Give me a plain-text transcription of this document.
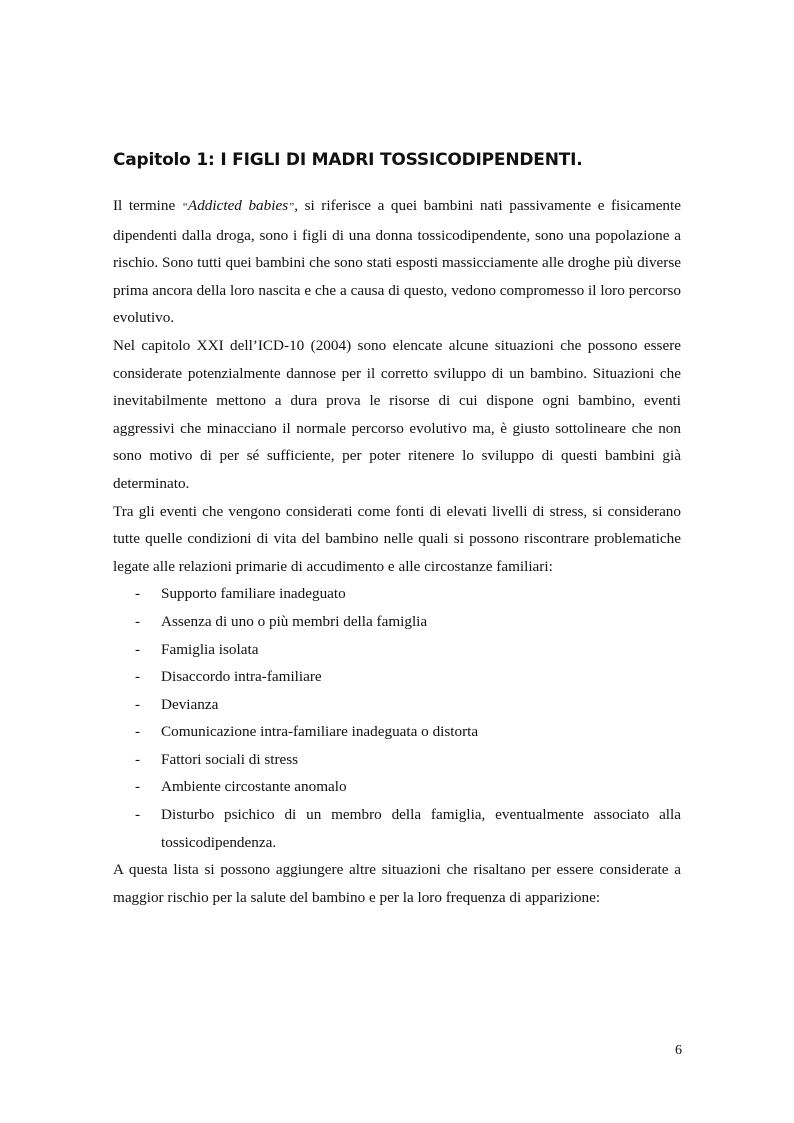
Capitolo 1: I FIGLI DI MADRI TOSSICODIPENDENTI.

Il termine “Addicted babies”, si riferisce a quei bambini nati passivamente e fisicamente dipendenti dalla droga, sono i figli di una donna tossicodipendente, sono una popolazione a rischio. Sono tutti quei bambini che sono stati esposti massicciamente alle droghe più diverse prima ancora della loro nascita e che a causa di questo, vedono compromesso il loro percorso evolutivo.

Nel capitolo XXI dell’ICD-10 (2004) sono elencate alcune situazioni che possono essere considerate potenzialmente dannose per il corretto sviluppo di un bambino. Situazioni che inevitabilmente mettono a dura prova le risorse di cui dispone ogni bambino, eventi aggressivi che minacciano il normale percorso evolutivo ma, è giusto sottolineare che non sono motivo di per sé sufficiente, per poter ritenere lo sviluppo di questi bambini già determinato.

Tra gli eventi che vengono considerati come fonti di elevati livelli di stress, si considerano tutte quelle condizioni di vita del bambino nelle quali si possono riscontrare problematiche legate alle relazioni primarie di accudimento e alle circostanze familiari:

- Supporto familiare inadeguato
- Assenza di uno o più membri della famiglia
- Famiglia isolata
- Disaccordo intra-familiare
- Devianza
- Comunicazione intra-familiare inadeguata o distorta
- Fattori sociali di stress
- Ambiente circostante anomalo
- Disturbo psichico di un membro della famiglia, eventualmente associato alla tossicodipendenza.

A questa lista si possono aggiungere altre situazioni che risaltano per essere considerate a maggior rischio per la salute del bambino e per la loro frequenza di apparizione:

6
